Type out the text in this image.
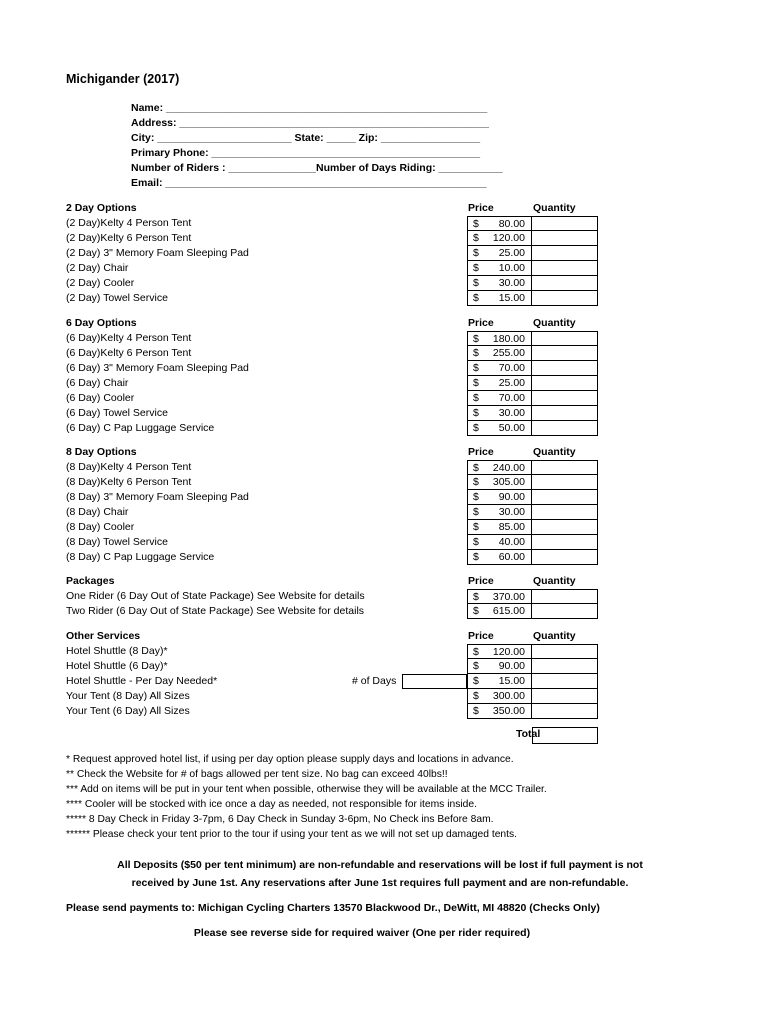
Michigander (2017)
Name: _______________________________________________________
Address: _____________________________________________________
City: _______________________ State: _____ Zip: _________________
Primary Phone: ______________________________________________
Number of Riders : _______________Number of Days Riding: ___________
Email: _______________________________________________________
2 Day Options	Price	Quantity
(2 Day)Kelty 4 Person Tent	$ 80.00
(2 Day)Kelty 6 Person Tent	$ 120.00
(2 Day) 3" Memory Foam Sleeping Pad	$ 25.00
(2 Day) Chair	$ 10.00
(2 Day) Cooler	$ 30.00
(2 Day) Towel Service	$ 15.00
6 Day Options	Price	Quantity
(6 Day)Kelty 4 Person Tent	$ 180.00
(6 Day)Kelty 6 Person Tent	$ 255.00
(6 Day) 3" Memory Foam Sleeping Pad	$ 70.00
(6 Day) Chair	$ 25.00
(6 Day) Cooler	$ 70.00
(6 Day) Towel Service	$ 30.00
(6 Day) C Pap Luggage Service	$ 50.00
8 Day Options	Price	Quantity
(8 Day)Kelty 4 Person Tent	$ 240.00
(8 Day)Kelty 6 Person Tent	$ 305.00
(8 Day) 3" Memory Foam Sleeping Pad	$ 90.00
(8 Day) Chair	$ 30.00
(8 Day) Cooler	$ 85.00
(8 Day) Towel Service	$ 40.00
(8 Day) C Pap Luggage Service	$ 60.00
Packages	Price	Quantity
One Rider (6 Day Out of State Package) See Website for details	$ 370.00
Two Rider (6 Day Out of State Package) See Website for details	$ 615.00
Other Services	Price	Quantity
Hotel Shuttle (8 Day)*	$ 120.00
Hotel Shuttle (6 Day)*	$ 90.00
Hotel Shuttle - Per Day Needed*	# of Days	$ 15.00
Your Tent (8 Day) All Sizes	$ 300.00
Your Tent (6 Day) All Sizes	$ 350.00
Total
* Request approved hotel list, if using per day option please supply days and locations in advance.
** Check the Website for # of bags allowed per tent size. No bag can exceed 40lbs!!
*** Add on items will be put in your tent when possible, otherwise they will be available at the MCC Trailer.
**** Cooler will be stocked with ice once a day as needed, not responsible for items inside.
***** 8 Day Check in Friday 3-7pm, 6 Day Check in Sunday 3-6pm, No Check ins Before 8am.
****** Please check your tent prior to the tour if using your tent as we will not set up damaged tents.
All Deposits ($50 per tent minimum) are non-refundable and reservations will be lost if full payment is not
received by June 1st. Any reservations after June 1st requires full payment and are non-refundable.
Please send payments to: Michigan Cycling Charters 13570 Blackwood Dr., DeWitt, MI 48820 (Checks Only)
Please see reverse side for required waiver (One per rider required)
